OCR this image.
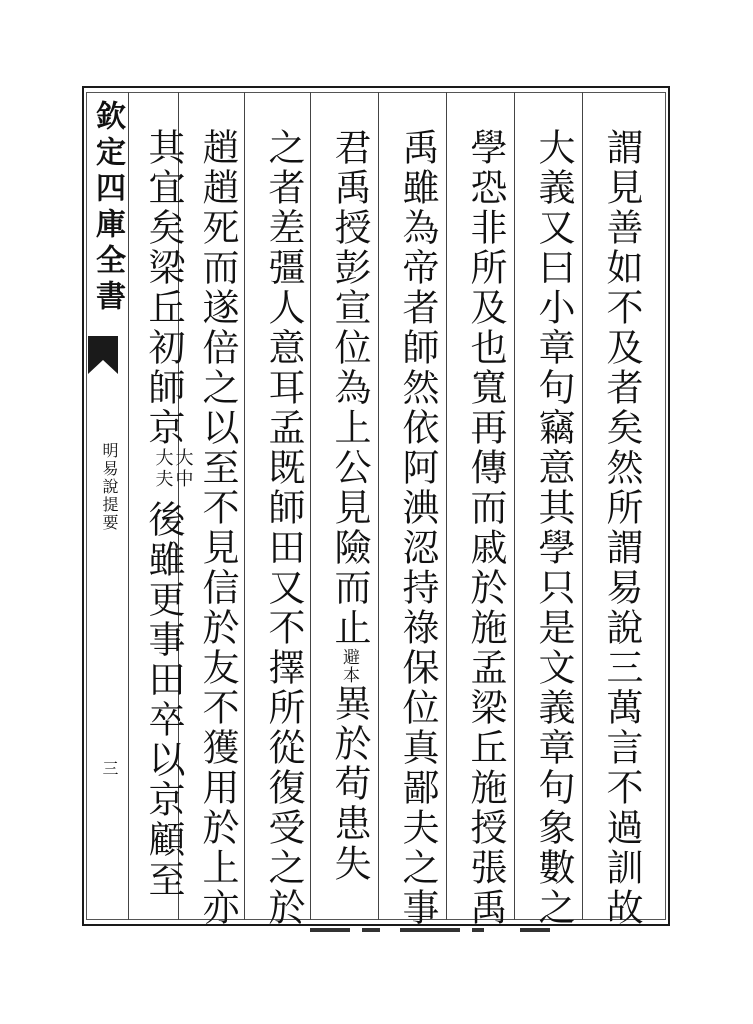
欽定四庫全書
明易說提要
三	謂見善如不及者矣然所謂易說三萬言不過訓故
大義又曰小章句竊意其學只是文義章句象數之
學恐非所及也寬再傳而戚於施孟梁丘施授張禹
禹雖為帝者師然依阿淟涊持祿保位真鄙夫之事
君禹授彭宣位為上公見險而止避本異於苟患失
之者差彊人意耳孟既師田又不擇所從復受之於
趙趙死而遂倍之以至不見信於友不獲用於上亦
其宜矣梁丘初師京大中
大夫後雖更事田卒以京顧至
